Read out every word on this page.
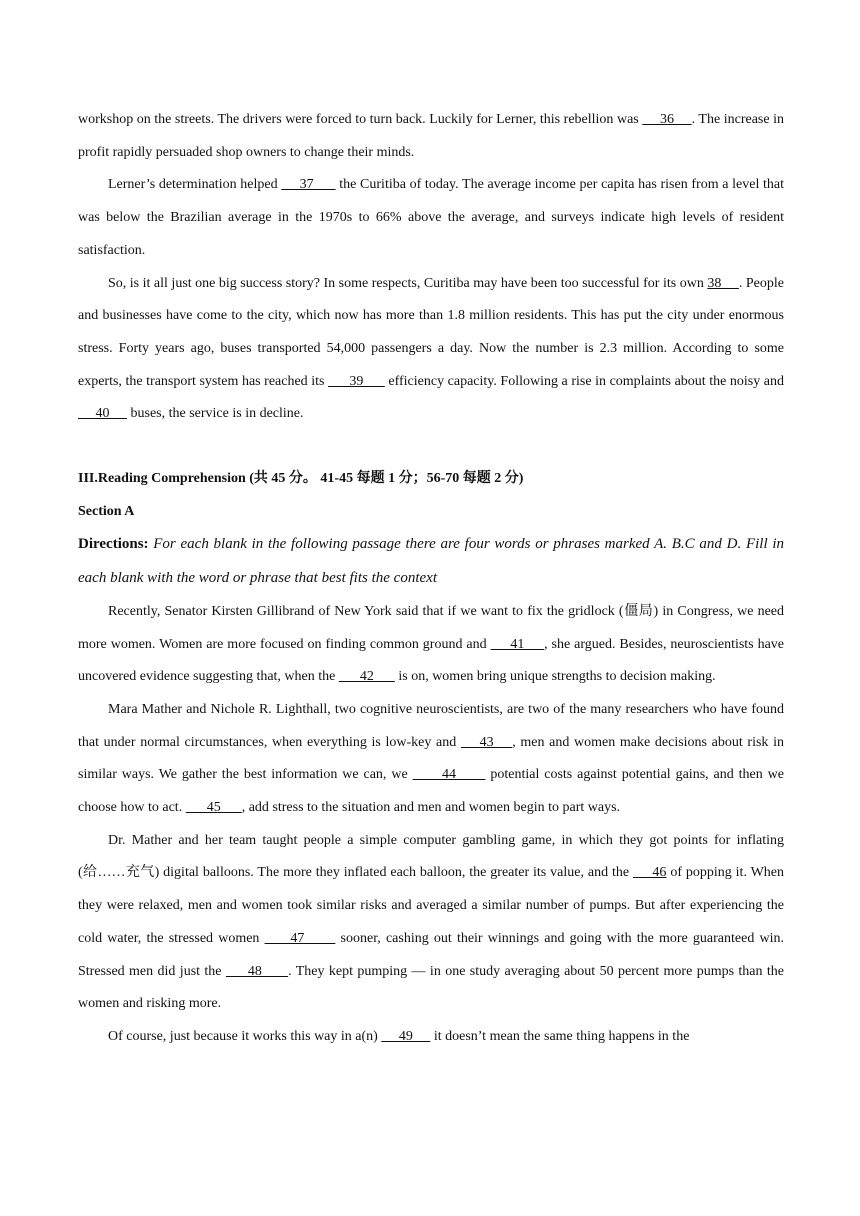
workshop on the streets. The drivers were forced to turn back. Luckily for Lerner, this rebellion was      36     . The increase in profit rapidly persuaded shop owners to change their minds.

Lerner’s determination helped      37       the Curitiba of today. The average income per capita has risen from a level that was below the Brazilian average in the 1970s to 66% above the average, and surveys indicate high levels of resident satisfaction.

So, is it all just one big success story? In some respects, Curitiba may have been too successful for its own 38     . People and businesses have come to the city, which now has more than 1.8 million residents. This has put the city under enormous stress. Forty years ago, buses transported 54,000 passengers a day. Now the number is 2.3 million. According to some experts, the transport system has reached its       39       efficiency capacity. Following a rise in complaints about the noisy and      40      buses, the service is in decline.

III.Reading Comprehension (共 45 分。 41-45 每题 1 分；56-70 每题 2 分)

Section A

Directions: For each blank in the following passage there are four words or phrases marked A. B.C and D. Fill in each blank with the word or phrase that best fits the context

Recently, Senator Kirsten Gillibrand of New York said that if we want to fix the gridlock (僵局) in Congress, we need more women. Women are more focused on finding common ground and      41     , she argued. Besides, neuroscientists have uncovered evidence suggesting that, when the       42       is on, women bring unique strengths to decision making.

Mara Mather and Nichole R. Lighthall, two cognitive neuroscientists, are two of the many researchers who have found that under normal circumstances, when everything is low-key and     43    , men and women make decisions about risk in similar ways. We gather the best information we can, we       44       potential costs against potential gains, and then we choose how to act.       45      , add stress to the situation and men and women begin to part ways.

Dr. Mather and her team taught people a simple computer gambling game, in which they got points for inflating (给……充气) digital balloons. The more they inflated each balloon, the greater its value, and the      46 of popping it. When they were relaxed, men and women took similar risks and averaged a similar number of pumps. But after experiencing the cold water, the stressed women      47       sooner, cashing out their winnings and going with the more guaranteed win. Stressed men did just the      48      . They kept pumping — in one study averaging about 50 percent more pumps than the women and risking more.

Of course, just because it works this way in a(n)      49      it doesn’t mean the same thing happens in the
